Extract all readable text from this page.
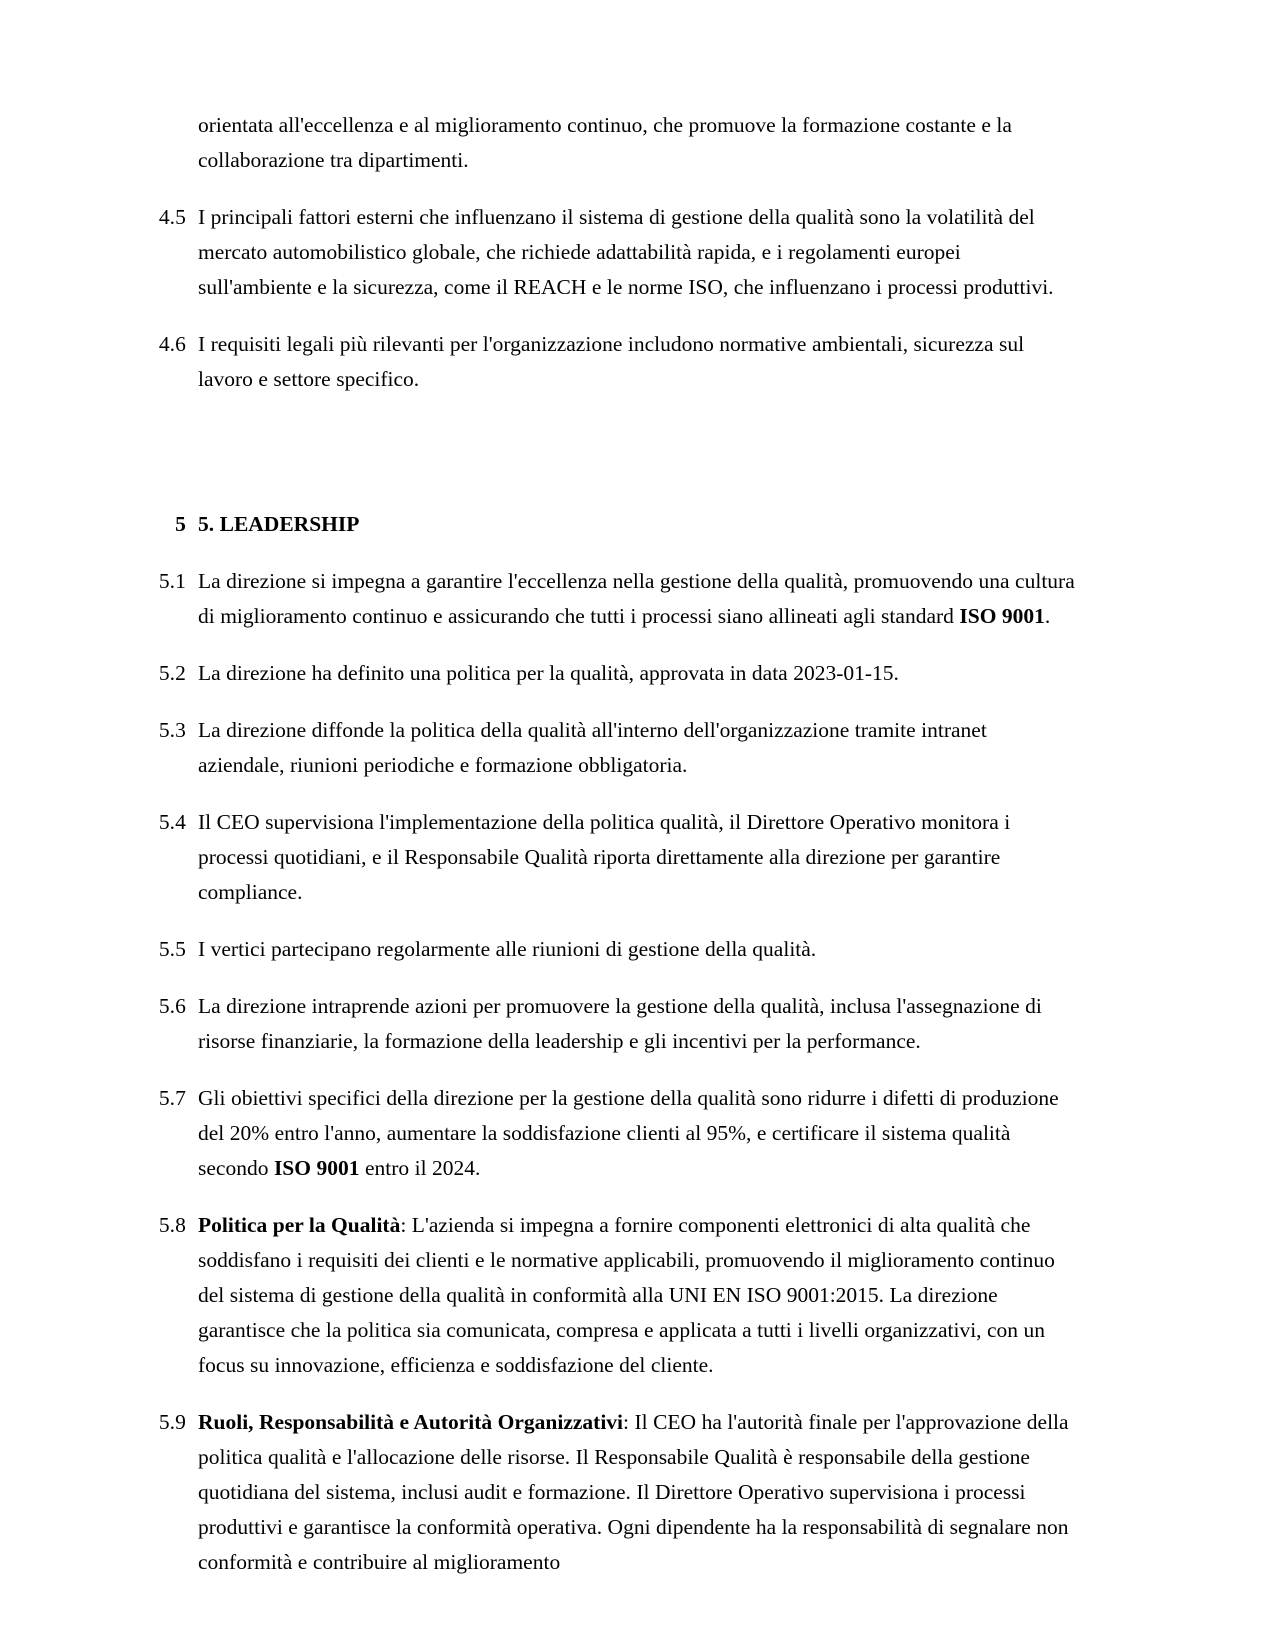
orientata all'eccellenza e al miglioramento continuo, che promuove la formazione costante e la collaborazione tra dipartimenti.
4.5 I principali fattori esterni che influenzano il sistema di gestione della qualità sono la volatilità del mercato automobilistico globale, che richiede adattabilità rapida, e i regolamenti europei sull'ambiente e la sicurezza, come il REACH e le norme ISO, che influenzano i processi produttivi.
4.6 I requisiti legali più rilevanti per l'organizzazione includono normative ambientali, sicurezza sul lavoro e settore specifico.
5 5. LEADERSHIP
5.1 La direzione si impegna a garantire l'eccellenza nella gestione della qualità, promuovendo una cultura di miglioramento continuo e assicurando che tutti i processi siano allineati agli standard ISO 9001.
5.2 La direzione ha definito una politica per la qualità, approvata in data 2023-01-15.
5.3 La direzione diffonde la politica della qualità all'interno dell'organizzazione tramite intranet aziendale, riunioni periodiche e formazione obbligatoria.
5.4 Il CEO supervisiona l'implementazione della politica qualità, il Direttore Operativo monitora i processi quotidiani, e il Responsabile Qualità riporta direttamente alla direzione per garantire compliance.
5.5 I vertici partecipano regolarmente alle riunioni di gestione della qualità.
5.6 La direzione intraprende azioni per promuovere la gestione della qualità, inclusa l'assegnazione di risorse finanziarie, la formazione della leadership e gli incentivi per la performance.
5.7 Gli obiettivi specifici della direzione per la gestione della qualità sono ridurre i difetti di produzione del 20% entro l'anno, aumentare la soddisfazione clienti al 95%, e certificare il sistema qualità secondo ISO 9001 entro il 2024.
5.8 Politica per la Qualità: L'azienda si impegna a fornire componenti elettronici di alta qualità che soddisfano i requisiti dei clienti e le normative applicabili, promuovendo il miglioramento continuo del sistema di gestione della qualità in conformità alla UNI EN ISO 9001:2015. La direzione garantisce che la politica sia comunicata, compresa e applicata a tutti i livelli organizzativi, con un focus su innovazione, efficienza e soddisfazione del cliente.
5.9 Ruoli, Responsabilità e Autorità Organizzativi: Il CEO ha l'autorità finale per l'approvazione della politica qualità e l'allocazione delle risorse. Il Responsabile Qualità è responsabile della gestione quotidiana del sistema, inclusi audit e formazione. Il Direttore Operativo supervisiona i processi produttivi e garantisce la conformità operativa. Ogni dipendente ha la responsabilità di segnalare non conformità e contribuire al miglioramento
